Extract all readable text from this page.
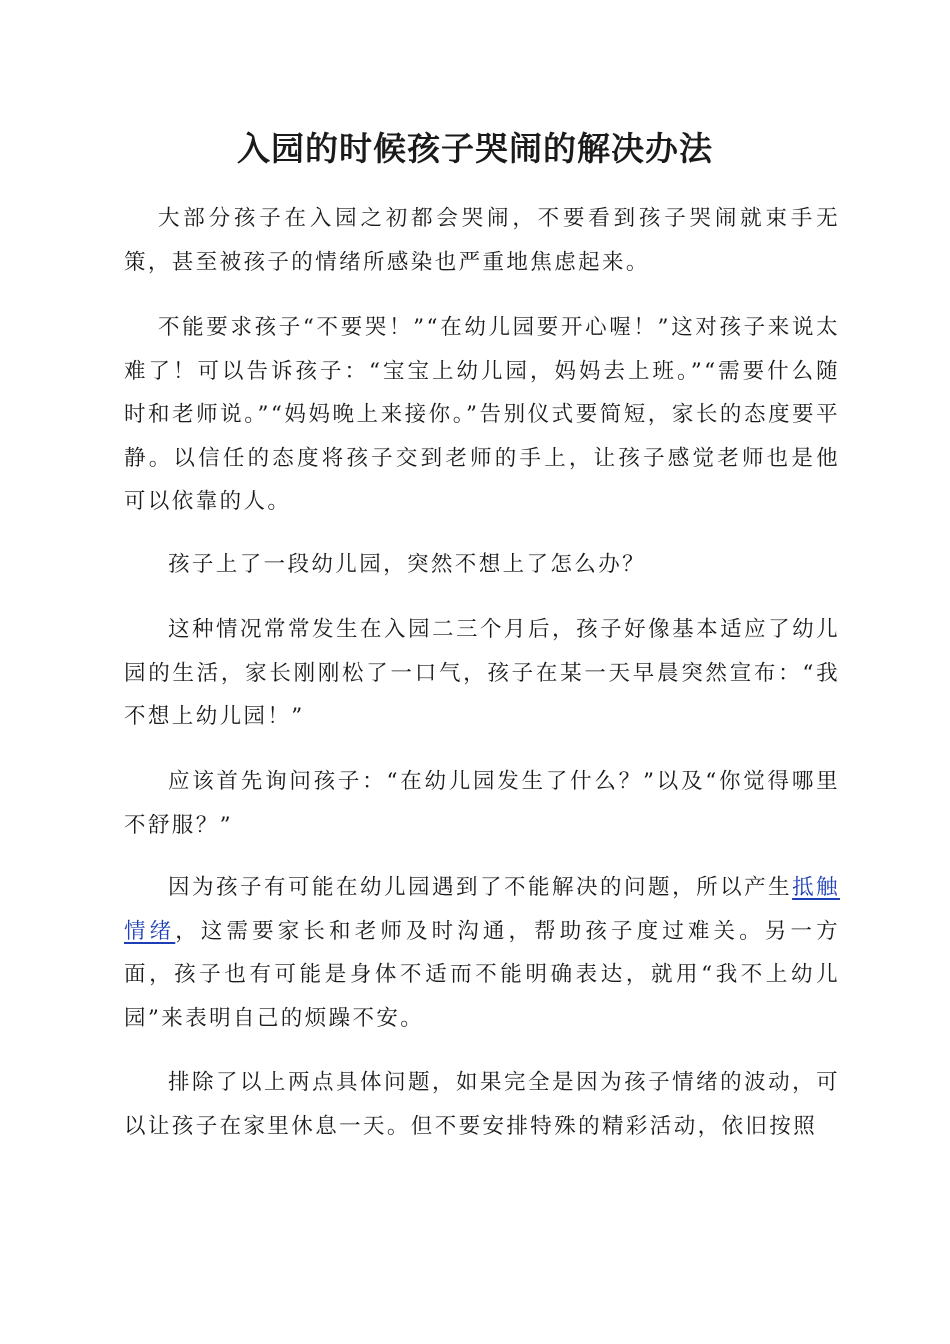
入园的时候孩子哭闹的解决办法

大部分孩子在入园之初都会哭闹，不要看到孩子哭闹就束手无策，甚至被孩子的情绪所感染也严重地焦虑起来。

不能要求孩子“不要哭！”“在幼儿园要开心喔！”这对孩子来说太难了！可以告诉孩子：“宝宝上幼儿园，妈妈去上班。”“需要什么随时和老师说。”“妈妈晚上来接你。”告别仪式要简短，家长的态度要平静。以信任的态度将孩子交到老师的手上，让孩子感觉老师也是他可以依靠的人。

孩子上了一段幼儿园，突然不想上了怎么办？

这种情况常常发生在入园二三个月后，孩子好像基本适应了幼儿园的生活，家长刚刚松了一口气，孩子在某一天早晨突然宣布：“我不想上幼儿园！”

应该首先询问孩子：“在幼儿园发生了什么？”以及“你觉得哪里不舒服？”

因为孩子有可能在幼儿园遇到了不能解决的问题，所以产生抵触情绪，这需要家长和老师及时沟通，帮助孩子度过难关。另一方面，孩子也有可能是身体不适而不能明确表达，就用“我不上幼儿园”来表明自己的烦躁不安。

排除了以上两点具体问题，如果完全是因为孩子情绪的波动，可以让孩子在家里休息一天。但不要安排特殊的精彩活动，依旧按照
